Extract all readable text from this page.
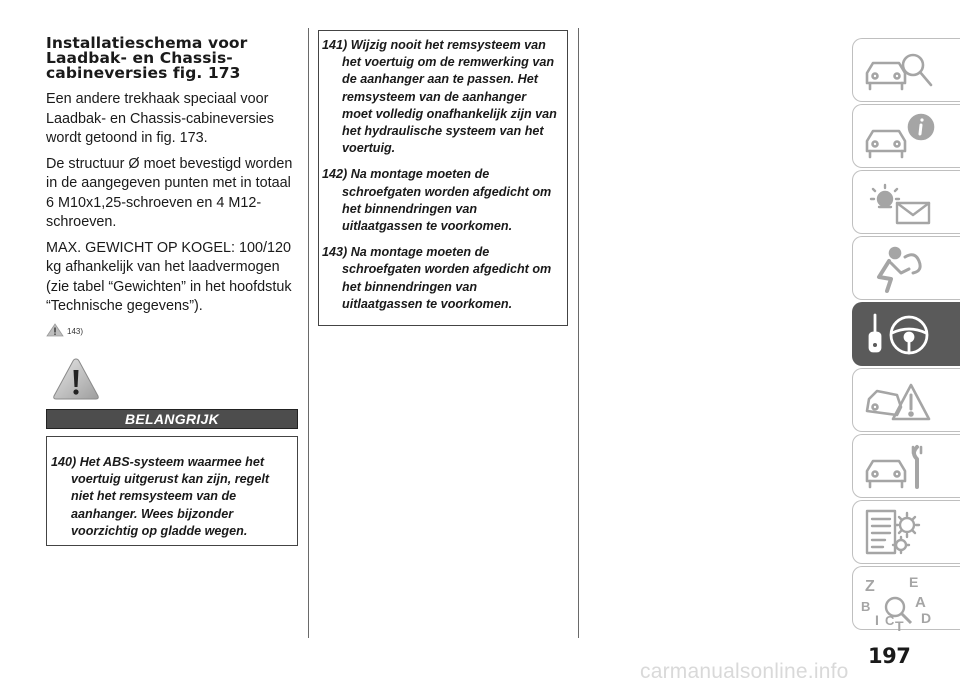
Installatieschema voor
Laadbak- en Chassis-
cabineversies fig. 173

Een andere trekhaak speciaal voor
Laadbak- en Chassis-cabineversies
wordt getoond in fig. 173.

De structuur Ø moet bevestigd worden
in de aangegeven punten met in totaal
6 M10x1,25-schroeven en 4 M12-
schroeven.

MAX. GEWICHT OP KOGEL: 100/120
kg afhankelijk van het laadvermogen
(zie tabel “Gewichten” in het hoofdstuk
“Technische gegevens”).

143)
BELANGRIJK

140) Het ABS-systeem waarmee het voertuig uitgerust kan zijn, regelt niet het remsysteem van de aanhanger. Wees bijzonder voorzichtig op gladde wegen.

141) Wijzig nooit het remsysteem van het voertuig om de remwerking van de aanhanger aan te passen. Het remsysteem van de aanhanger moet volledig onafhankelijk zijn van het hydraulische systeem van het voertuig.

142) Na montage moeten de schroefgaten worden afgedicht om het binnendringen van uitlaatgassen te voorkomen.

143) Na montage moeten de schroefgaten worden afgedicht om het binnendringen van uitlaatgassen te voorkomen.

Z E
B	A
I C T D
197
carmanualsonline.info
